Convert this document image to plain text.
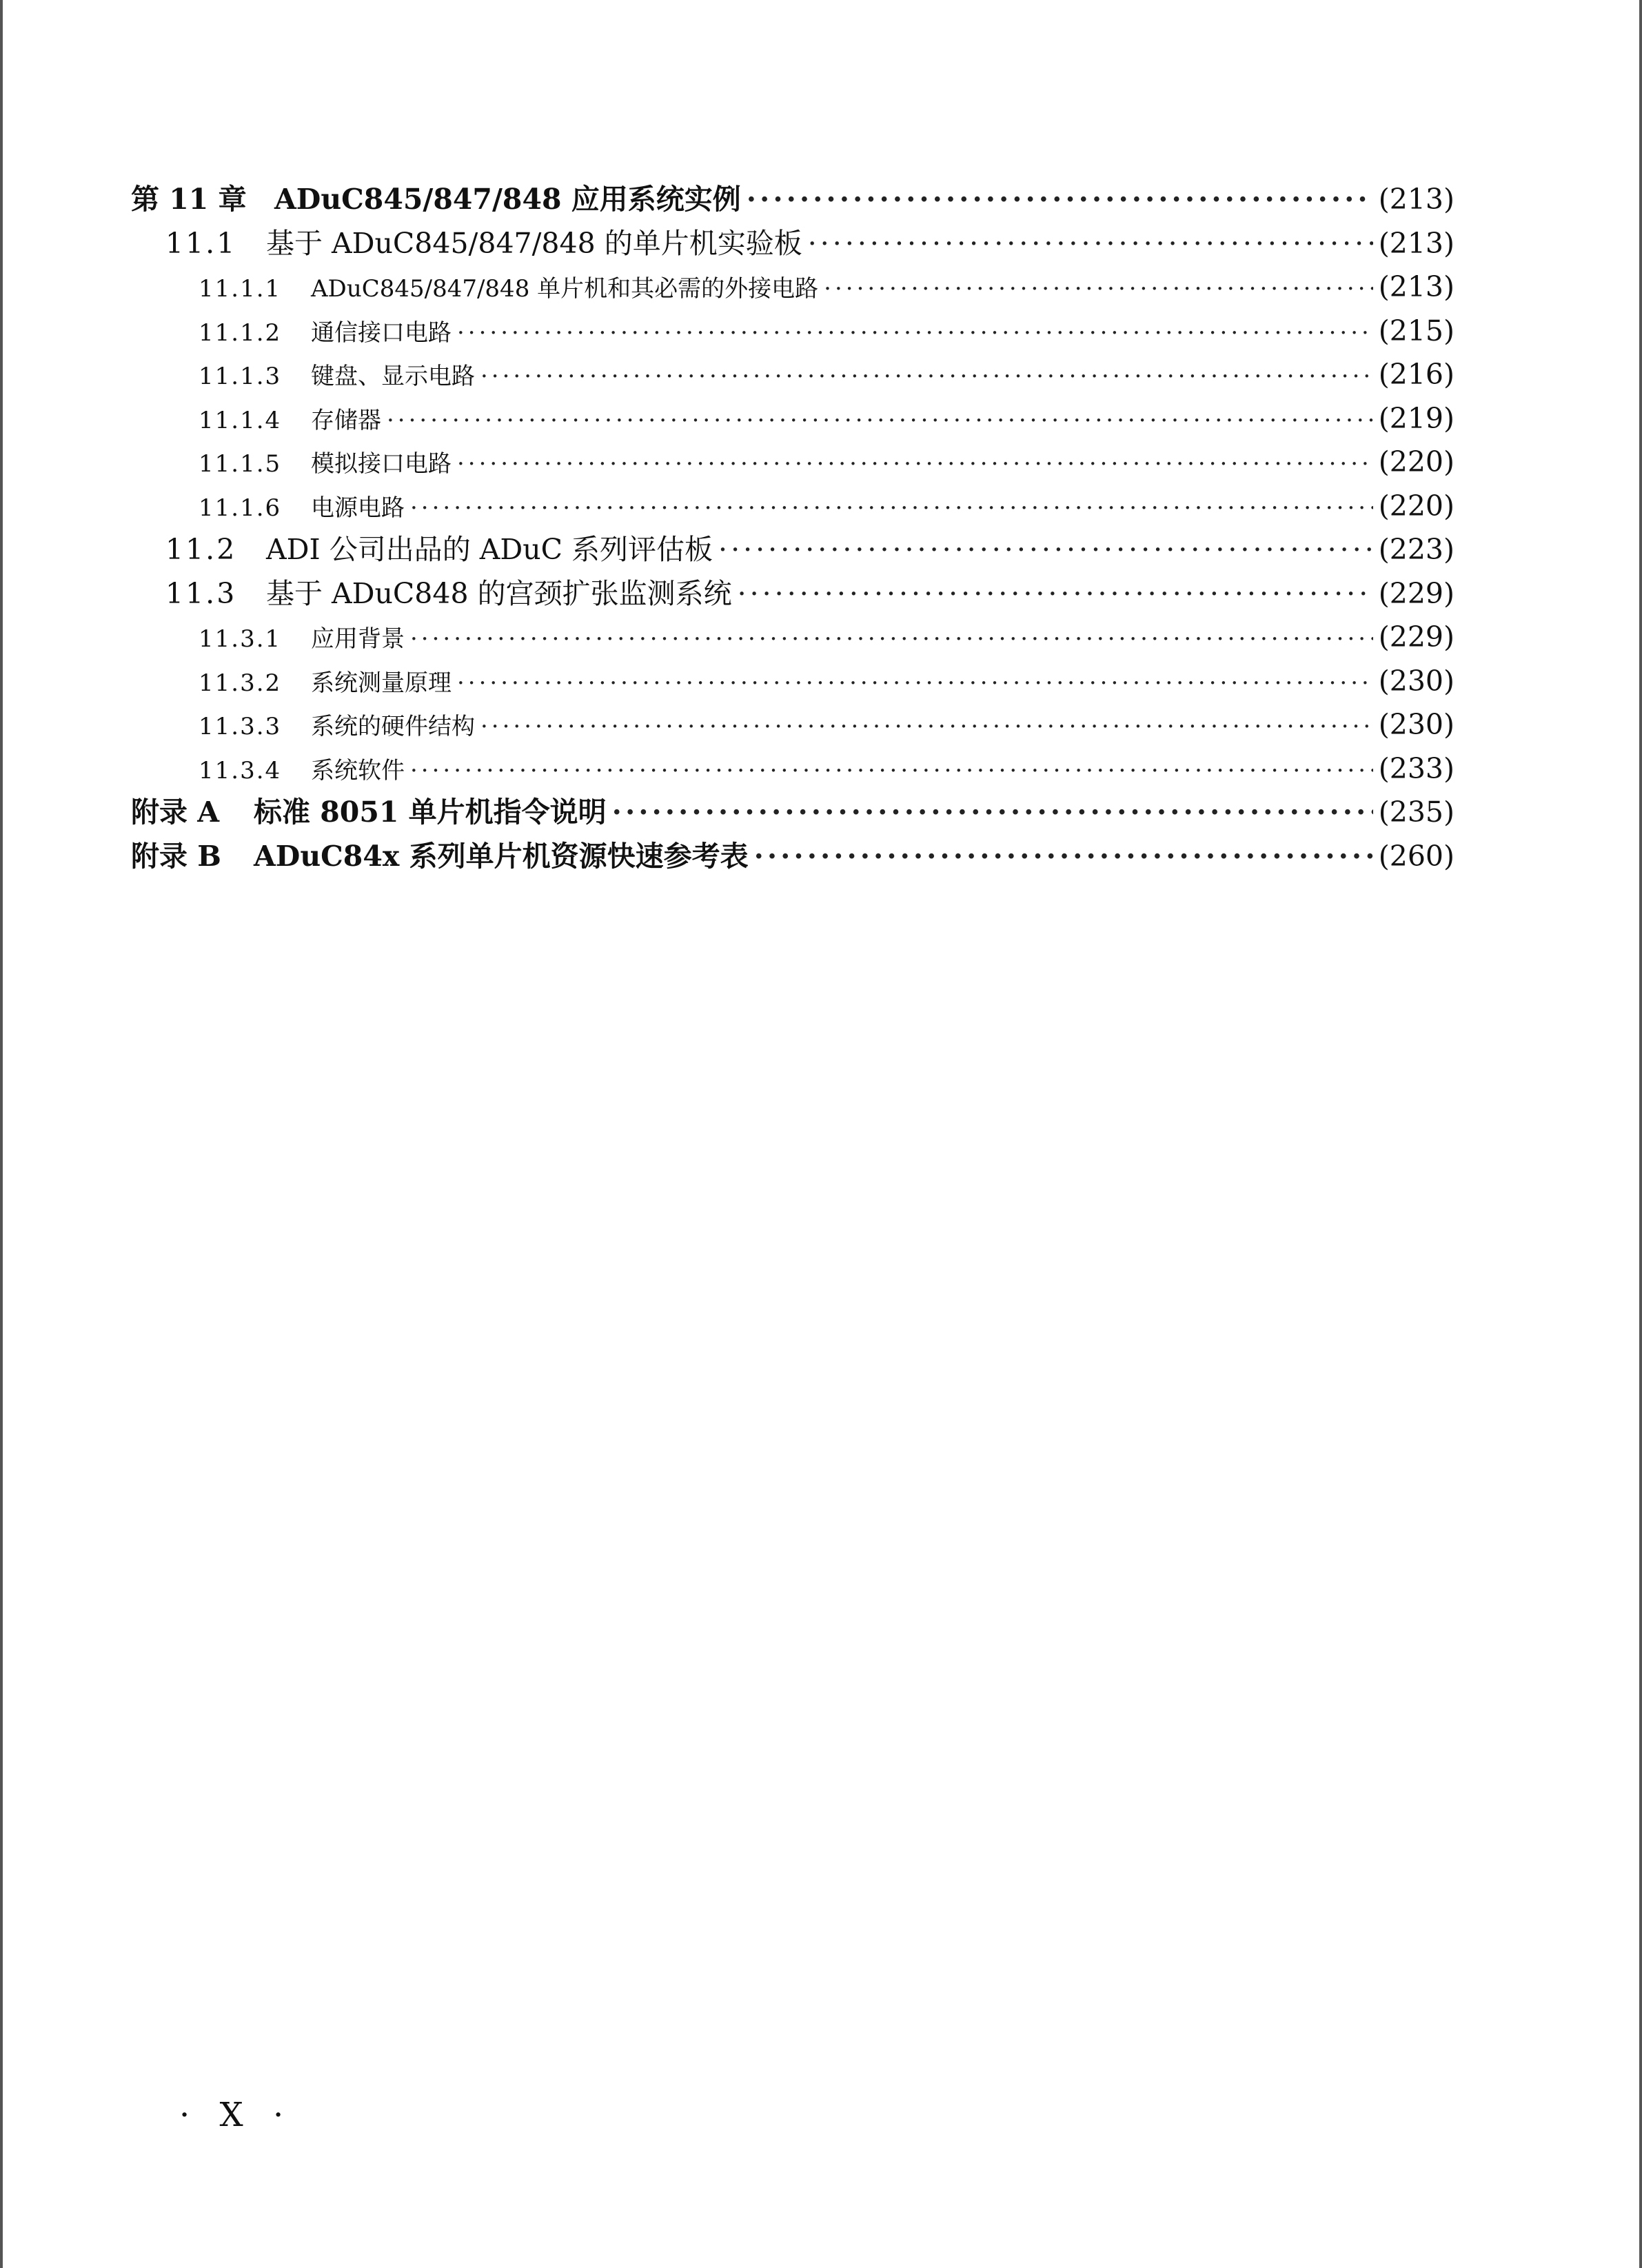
第 11 章 ADuC845/847/848 应用系统实例 ·····	(213)
11.1	基于 ADuC845/847/848 的单片机实验板 ·····	(213)
11.1.1	ADuC845/847/848 单片机和其必需的外接电路 ·····	(213)
11.1.2	通信接口电路 ·····	(215)
11.1.3	键盘、显示电路 ·····	(216)
11.1.4	存储器 ·····	(219)
11.1.5	模拟接口电路 ·····	(220)
11.1.6	电源电路 ·····	(220)
11.2	ADI 公司出品的 ADuC 系列评估板 ·····	(223)
11.3	基于 ADuC848 的宫颈扩张监测系统 ·····	(229)
11.3.1	应用背景 ·····	(229)
11.3.2	系统测量原理 ·····	(230)
11.3.3	系统的硬件结构 ·····	(230)
11.3.4	系统软件 ·····	(233)
附录 A	标准 8051 单片机指令说明 ·····	(235)
附录 B	ADuC84x 系列单片机资源快速参考表 ·····	(260)
· Ⅹ ·
